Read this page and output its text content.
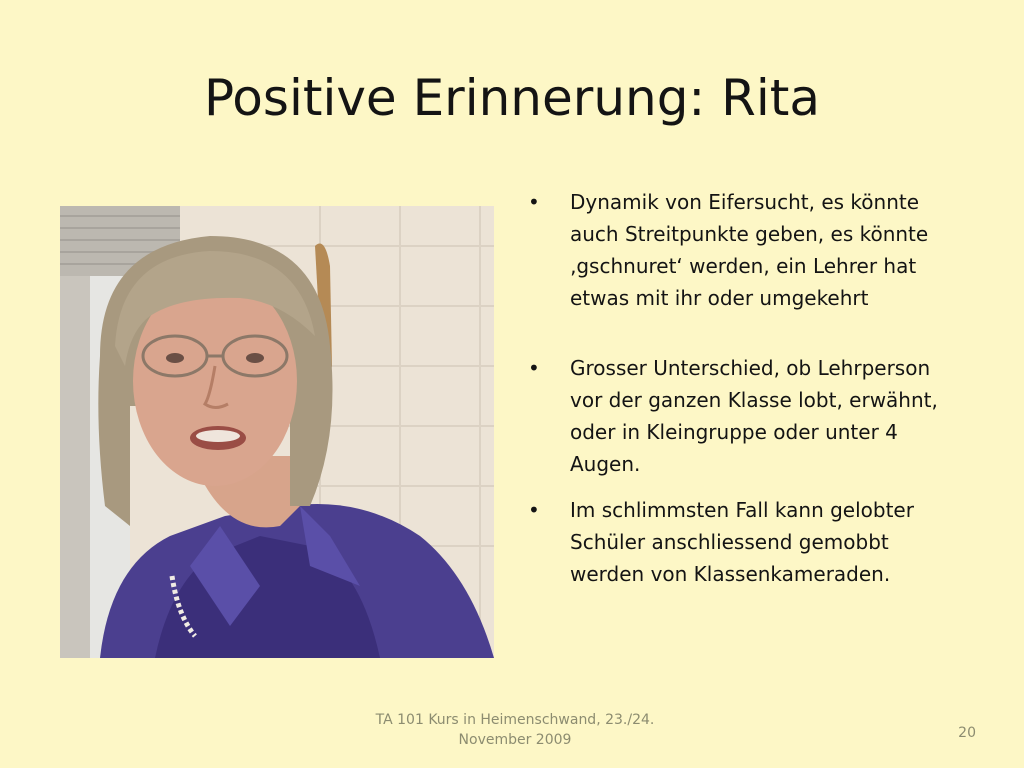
Positive Erinnerung: Rita
• Dynamik von Eifersucht, es könnte auch Streitpunkte geben, es könnte ‚gschnuret‘ werden, ein Lehrer hat etwas mit ihr oder umgekehrt
• Grosser Unterschied, ob Lehrperson vor der ganzen Klasse lobt, erwähnt, oder in Kleingruppe oder unter 4 Augen.
• Im schlimmsten Fall kann gelobter Schüler anschliessend gemobbt werden von Klassenkameraden.
TA 101 Kurs in Heimenschwand, 23./24. November 2009	20
